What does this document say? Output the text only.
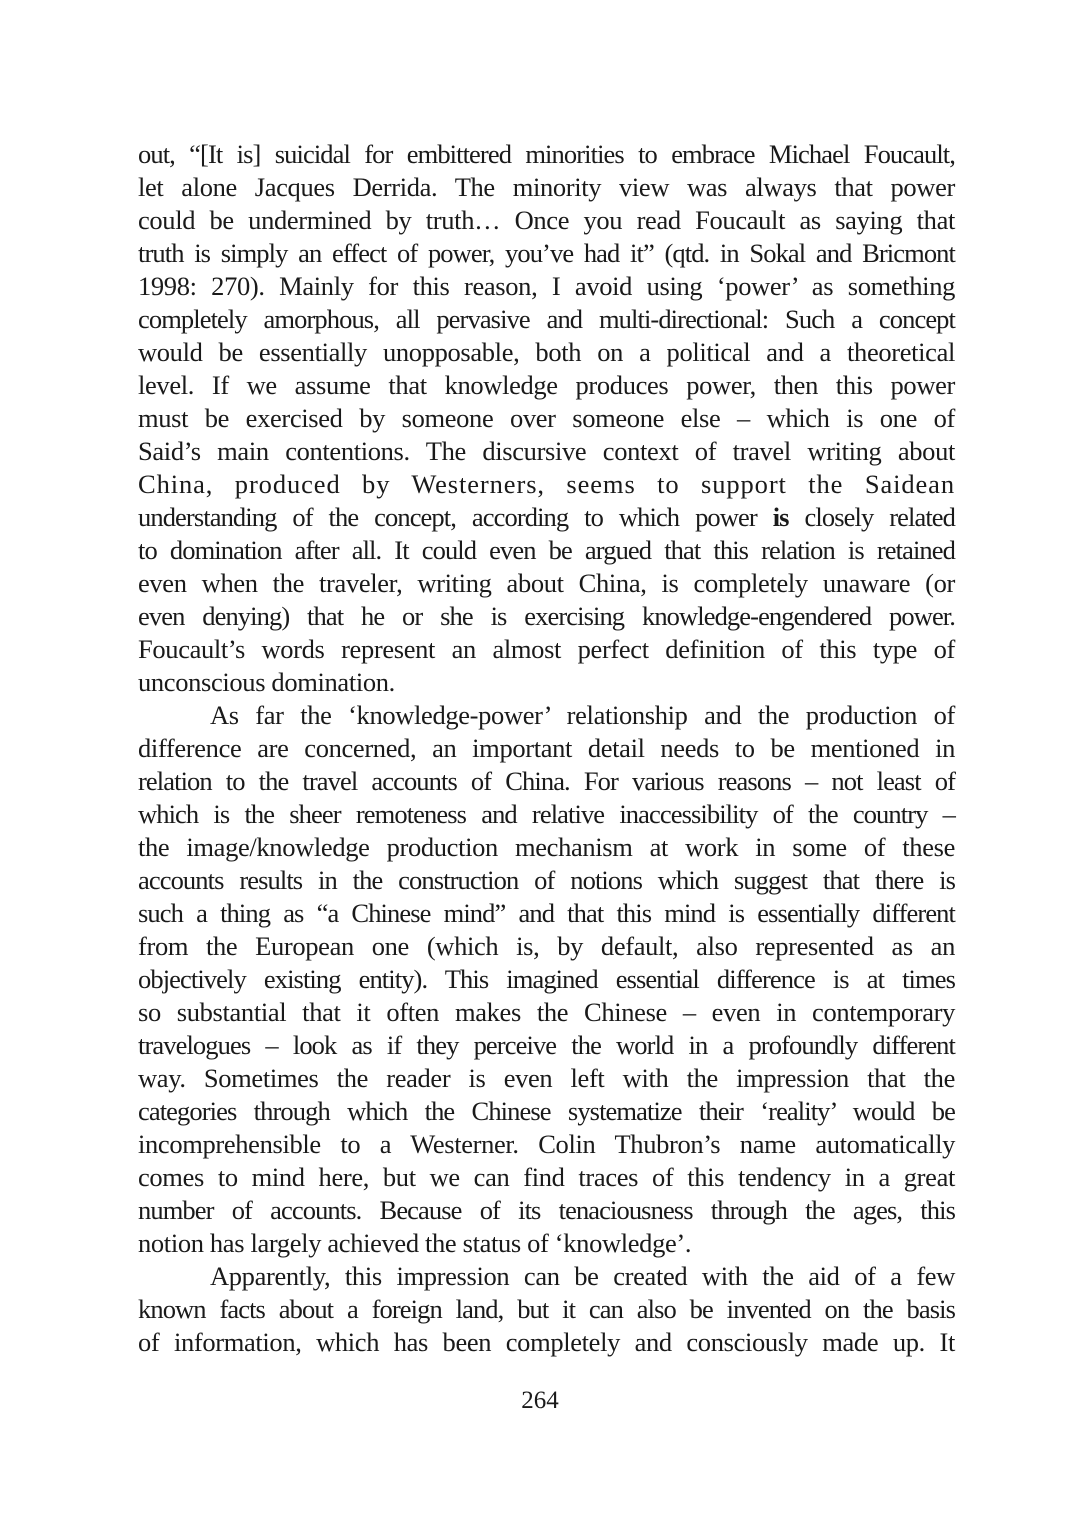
out, “[It is] suicidal for embittered minorities to embrace Michael Foucault,
let alone Jacques Derrida. The minority view was always that power
could be undermined by truth… Once you read Foucault as saying that
truth is simply an effect of power, you’ve had it” (qtd. in Sokal and Bricmont
1998: 270). Mainly for this reason, I avoid using ‘power’ as something
completely amorphous, all pervasive and multi-directional: Such a concept
would be essentially unopposable, both on a political and a theoretical
level. If we assume that knowledge produces power, then this power
must be exercised by someone over someone else – which is one of
Said’s main contentions. The discursive context of travel writing about
China, produced by Westerners, seems to support the Saidean
understanding of the concept, according to which power is closely related
to domination after all. It could even be argued that this relation is retained
even when the traveler, writing about China, is completely unaware (or
even denying) that he or she is exercising knowledge-engendered power.
Foucault’s words represent an almost perfect definition of this type of
unconscious domination.
As far the ‘knowledge-power’ relationship and the production of
difference are concerned, an important detail needs to be mentioned in
relation to the travel accounts of China. For various reasons – not least of
which is the sheer remoteness and relative inaccessibility of the country –
the image/knowledge production mechanism at work in some of these
accounts results in the construction of notions which suggest that there is
such a thing as “a Chinese mind” and that this mind is essentially different
from the European one (which is, by default, also represented as an
objectively existing entity). This imagined essential difference is at times
so substantial that it often makes the Chinese – even in contemporary
travelogues – look as if they perceive the world in a profoundly different
way. Sometimes the reader is even left with the impression that the
categories through which the Chinese systematize their ‘reality’ would be
incomprehensible to a Westerner. Colin Thubron’s name automatically
comes to mind here, but we can find traces of this tendency in a great
number of accounts. Because of its tenaciousness through the ages, this
notion has largely achieved the status of ‘knowledge’.
Apparently, this impression can be created with the aid of a few
known facts about a foreign land, but it can also be invented on the basis
of information, which has been completely and consciously made up. It
264
